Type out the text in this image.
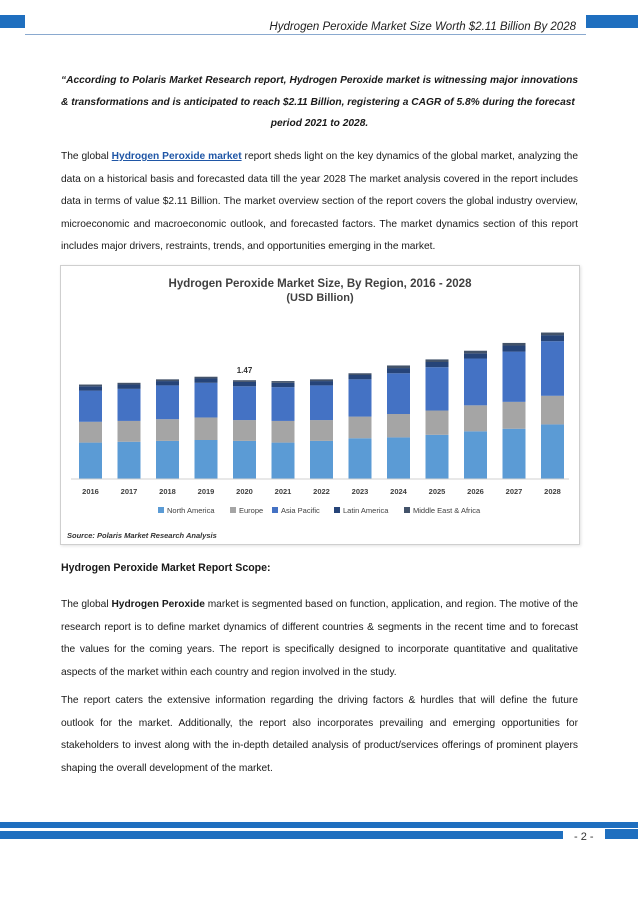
Hydrogen Peroxide Market Size Worth $2.11 Billion By 2028
“According to Polaris Market Research report, Hydrogen Peroxide market is witnessing major innovations & transformations and is anticipated to reach $2.11 Billion, registering a CAGR of 5.8% during the forecast
period 2021 to 2028.
The global Hydrogen Peroxide market report sheds light on the key dynamics of the global market, analyzing the data on a historical basis and forecasted data till the year 2028 The market analysis covered in the report includes data in terms of value $2.11 Billion. The market overview section of the report covers the global industry overview, microeconomic and macroeconomic outlook, and forecasted factors. The market dynamics section of this report includes major drivers, restraints, trends, and opportunities emerging in the market.
Hydrogen Peroxide Market Size, By Region, 2016 - 2028
(USD Billion)
1.47
2016	2017	2018	2019	2020	2021	2022	2023	2024	2025	2026	2027	2028
North America	Europe Asia Pacific	Latin America	Middle East & Africa
Source: Polaris Market Research Analysis
Hydrogen Peroxide Market Report Scope:
The global Hydrogen Peroxide market is segmented based on function, application, and region. The motive of the research report is to define market dynamics of different countries & segments in the recent time and to forecast the values for the coming years. The report is specifically designed to incorporate quantitative and qualitative aspects of the market within each country and region involved in the study.
The report caters the extensive information regarding the driving factors & hurdles that will define the future outlook for the market. Additionally, the report also incorporates prevailing and emerging opportunities for stakeholders to invest along with the in-depth detailed analysis of product/services offerings of prominent players shaping the overall development of the market.
- 2 -
